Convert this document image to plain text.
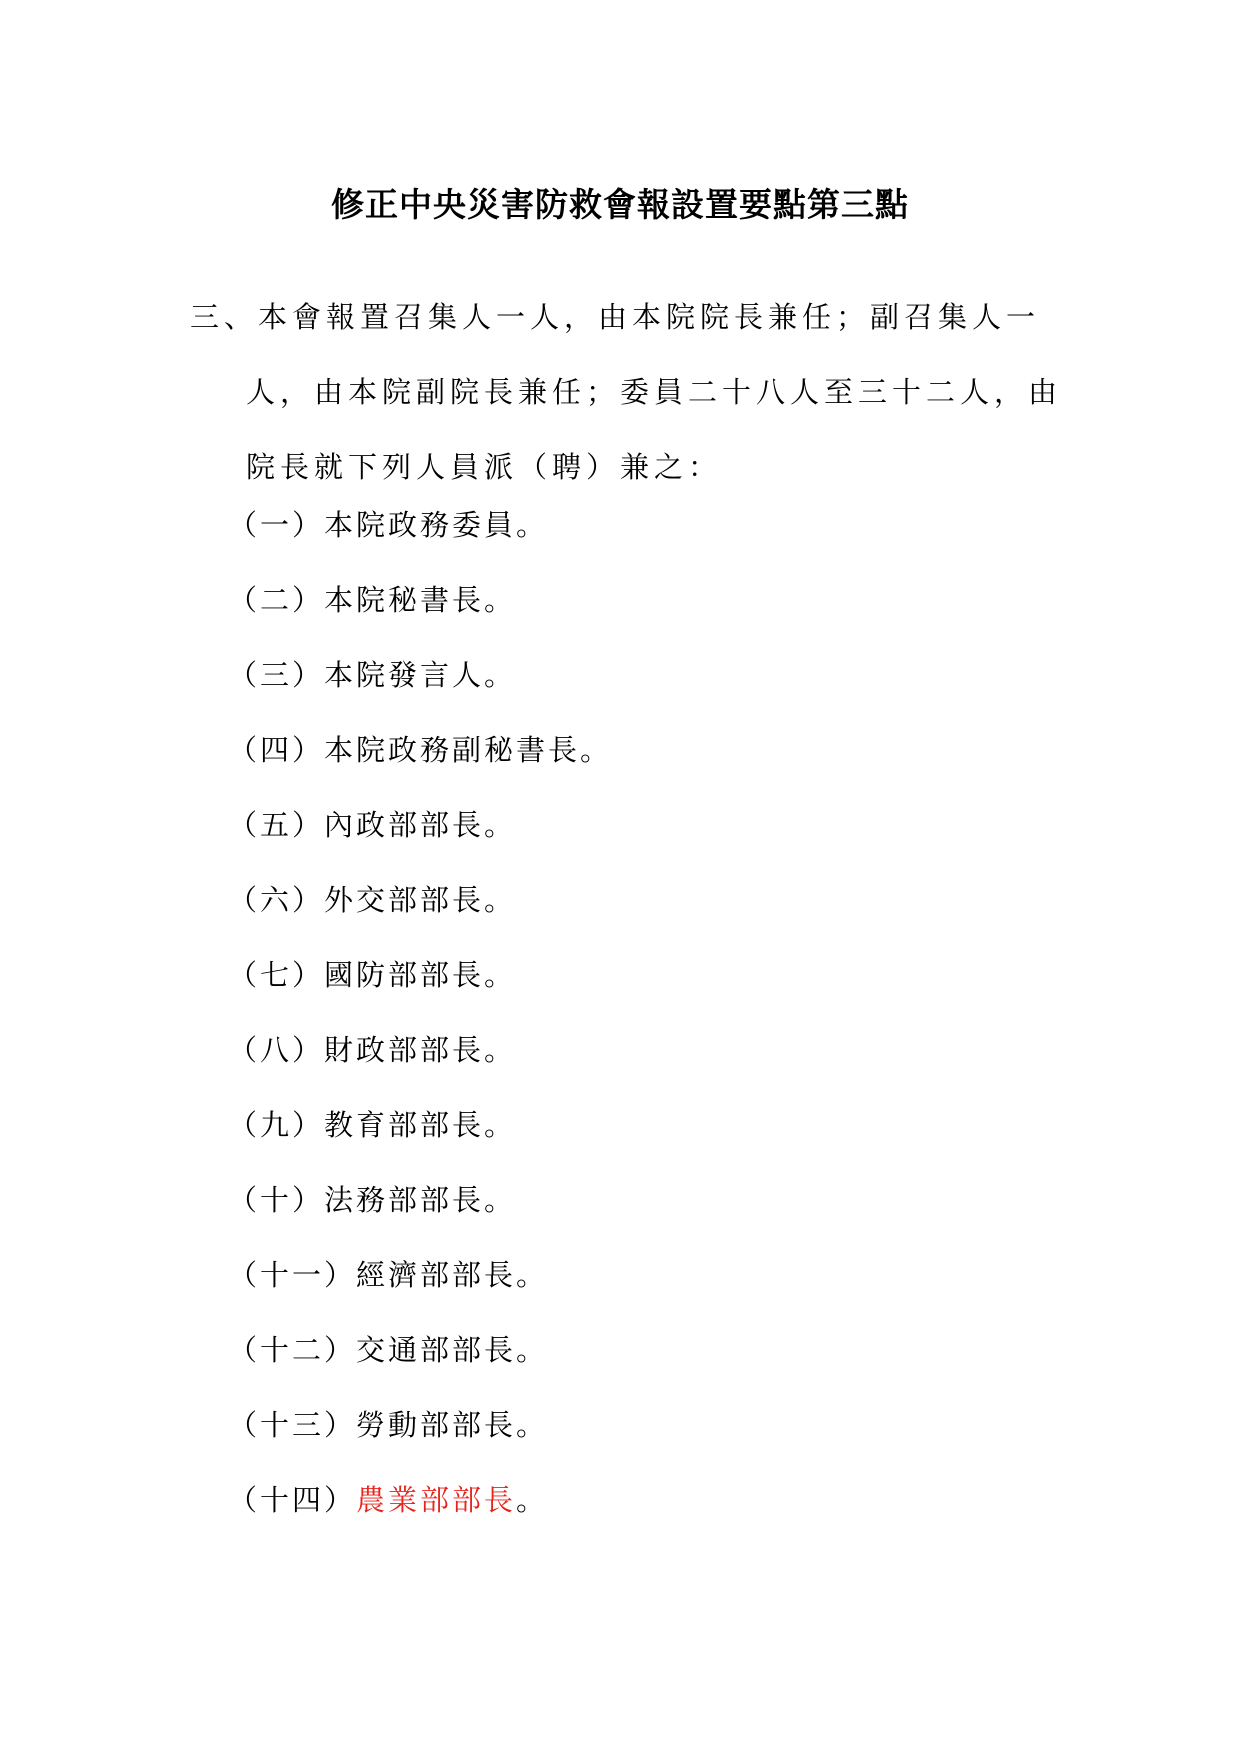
修正中央災害防救會報設置要點第三點
三、本會報置召集人一人，由本院院長兼任；副召集人一
人，由本院副院長兼任；委員二十八人至三十二人，由
院長就下列人員派（聘）兼之：
（一）本院政務委員。
（二）本院秘書長。
（三）本院發言人。
（四）本院政務副秘書長。
（五）內政部部長。
（六）外交部部長。
（七）國防部部長。
（八）財政部部長。
（九）教育部部長。
（十）法務部部長。
（十一）經濟部部長。
（十二）交通部部長。
（十三）勞動部部長。
（十四）農業部部長。
